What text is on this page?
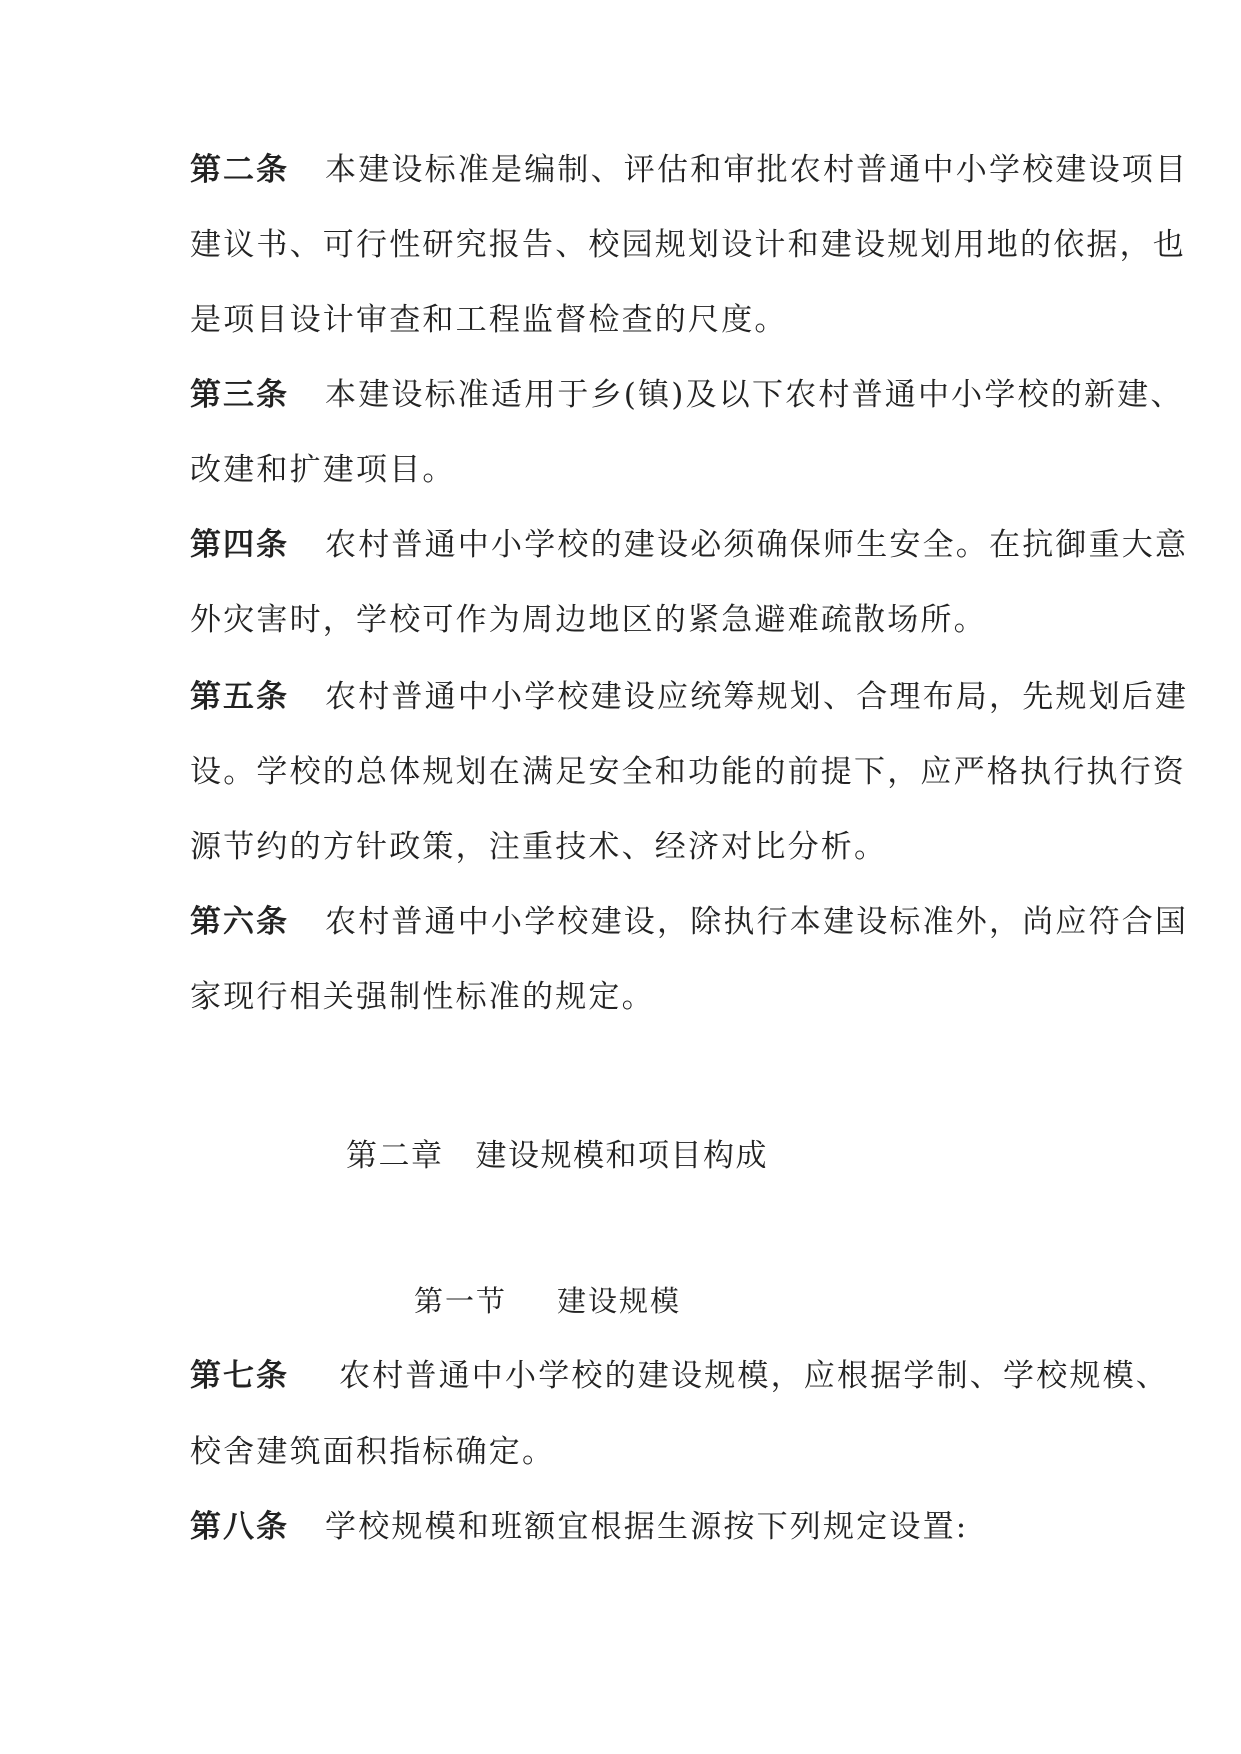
第二条 本建设标准是编制、评估和审批农村普通中小学校建设项目
建议书、可行性研究报告、校园规划设计和建设规划用地的依据，也
是项目设计审查和工程监督检查的尺度。
第三条 本建设标准适用于乡(镇)及以下农村普通中小学校的新建、
改建和扩建项目。
第四条 农村普通中小学校的建设必须确保师生安全。在抗御重大意
外灾害时，学校可作为周边地区的紧急避难疏散场所。
第五条 农村普通中小学校建设应统筹规划、合理布局，先规划后建
设。学校的总体规划在满足安全和功能的前提下，应严格执行执行资
源节约的方针政策，注重技术、经济对比分析。
第六条 农村普通中小学校建设，除执行本建设标准外，尚应符合国
家现行相关强制性标准的规定。
第二章 建设规模和项目构成
第一节 建设规模
第七条 农村普通中小学校的建设规模，应根据学制、学校规模、
校舍建筑面积指标确定。
第八条 学校规模和班额宜根据生源按下列规定设置:
